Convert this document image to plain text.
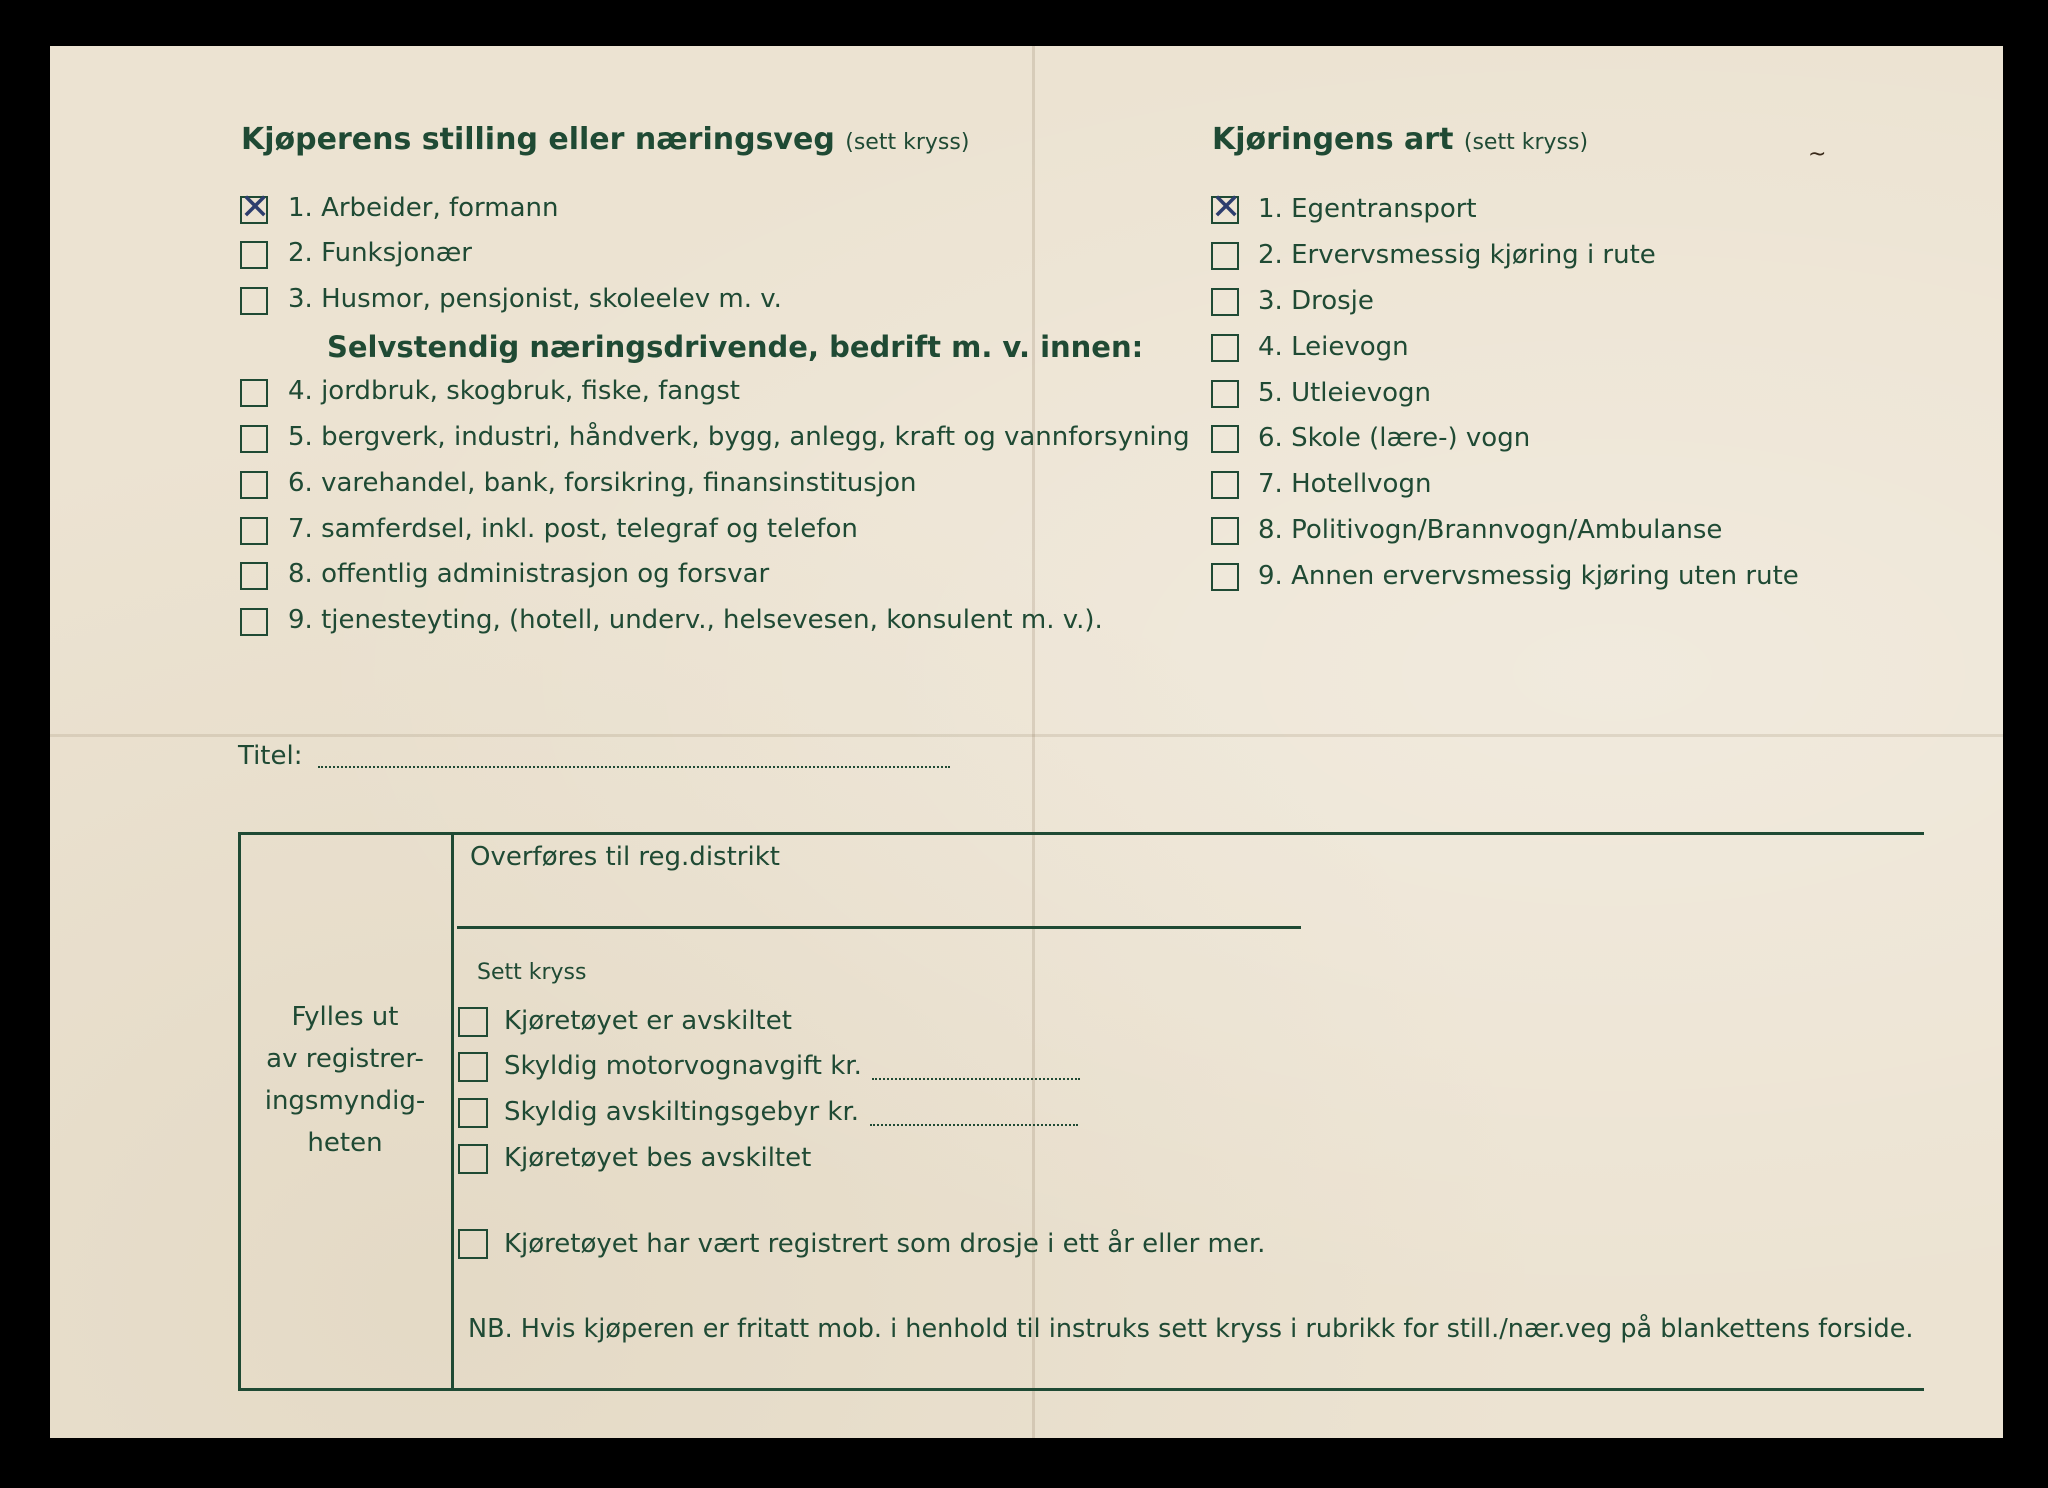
Kjøperens stilling eller næringsveg (sett kryss)
✕ 1. Arbeider, formann
2. Funksjonær
3. Husmor, pensjonist, skoleelev m. v.
Selvstendig næringsdrivende, bedrift m. v. innen:
4. jordbruk, skogbruk, fiske, fangst
5. bergverk, industri, håndverk, bygg, anlegg, kraft og vannforsyning
6. varehandel, bank, forsikring, finansinstitusjon
7. samferdsel, inkl. post, telegraf og telefon
8. offentlig administrasjon og forsvar
9. tjenesteyting, (hotell, underv., helsevesen, konsulent m. v.).
Titel:
Kjøringens art (sett kryss)	~
✕ 1. Egentransport
2. Ervervsmessig kjøring i rute
3. Drosje
4. Leievogn
5. Utleievogn
6. Skole (lære-) vogn
7. Hotellvogn
8. Politivogn/Brannvogn/Ambulanse
9. Annen ervervsmessig kjøring uten rute
Fylles ut
av registrer-
ingsmyndig-
heten
Overføres til reg.distrikt
Sett kryss
Kjøretøyet er avskiltet
Skyldig motorvognavgift kr.
Skyldig avskiltingsgebyr kr.
Kjøretøyet bes avskiltet
Kjøretøyet har vært registrert som drosje i ett år eller mer.
NB. Hvis kjøperen er fritatt mob. i henhold til instruks sett kryss i rubrikk for still./nær.veg på blankettens forside.
